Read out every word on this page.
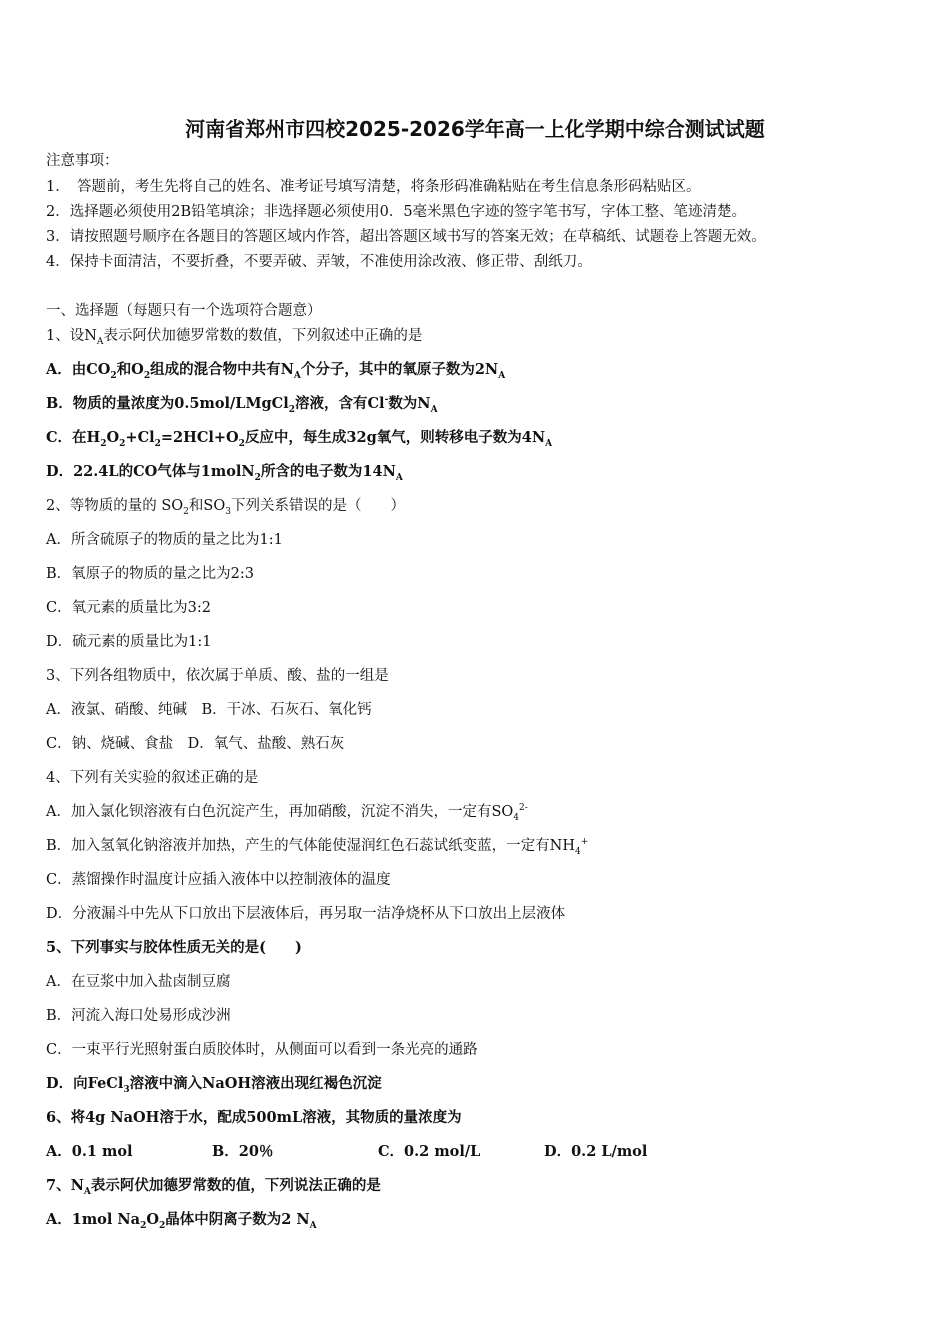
河南省郑州市四校2025-2026学年高一上化学期中综合测试试题
注意事项：
1．　答题前，考生先将自己的姓名、准考证号填写清楚，将条形码准确粘贴在考生信息条形码粘贴区。
2．选择题必须使用2B铅笔填涂；非选择题必须使用0．5毫米黑色字迹的签字笔书写，字体工整、笔迹清楚。
3．请按照题号顺序在各题目的答题区域内作答，超出答题区域书写的答案无效；在草稿纸、试题卷上答题无效。
4．保持卡面清洁，不要折叠，不要弄破、弄皱，不准使用涂改液、修正带、刮纸刀。
一、选择题（每题只有一个选项符合题意）
1、设$N_A$表示阿伏加德罗常数的数值，下列叙述中正确的是
A．由$CO_2$和$O_2$组成的混合物中共有$N_A$个分子，其中的氧原子数为$2N_A$
B．物质的量浓度为0.5mol/LMgCl$_2$溶液，含有Cl-数为$N_A$
C．在$H_2O_2+Cl_2=2HCl+O_2$反应中，每生成32g氧气，则转移电子数为$4N_A$
D．22.4L的CO气体与1molN$_2$所含的电子数为$14N_A$
2、等物质的量的 $SO_2$和$SO_3$下列关系错误的是（　　）
A．所含硫原子的物质的量之比为1:1
B．氧原子的物质的量之比为2:3
C．氧元素的质量比为3:2
D．硫元素的质量比为1:1
3、下列各组物质中，依次属于单质、酸、盐的一组是
A．液氯、硝酸、纯碱　B．干冰、石灰石、氧化钙
C．钠、烧碱、食盐　D．氧气、盐酸、熟石灰
4、下列有关实验的叙述正确的是
A．加入氯化钡溶液有白色沉淀产生，再加硝酸，沉淀不消失，一定有$SO_4^{2-}$
B．加入氢氧化钠溶液并加热，产生的气体能使湿润红色石蕊试纸变蓝，一定有$NH_4^+$
C．蒸馏操作时温度计应插入液体中以控制液体的温度
D．分液漏斗中先从下口放出下层液体后，再另取一洁净烧杯从下口放出上层液体
5、下列事实与胶体性质无关的是(　　)
A．在豆浆中加入盐卤制豆腐
B．河流入海口处易形成沙洲
C．一束平行光照射蛋白质胶体时，从侧面可以看到一条光亮的通路
D．向FeCl$_3$溶液中滴入NaOH溶液出现红褐色沉淀
6、将4g NaOH溶于水，配成500mL溶液，其物质的量浓度为
A．0.1 mol	B．20％	C．0.2 mol/L	D．0.2 L/mol
7、$N_A$表示阿伏加德罗常数的值，下列说法正确的是
A．1mol $Na_2O_2$晶体中阴离子数为2 $N_A$
